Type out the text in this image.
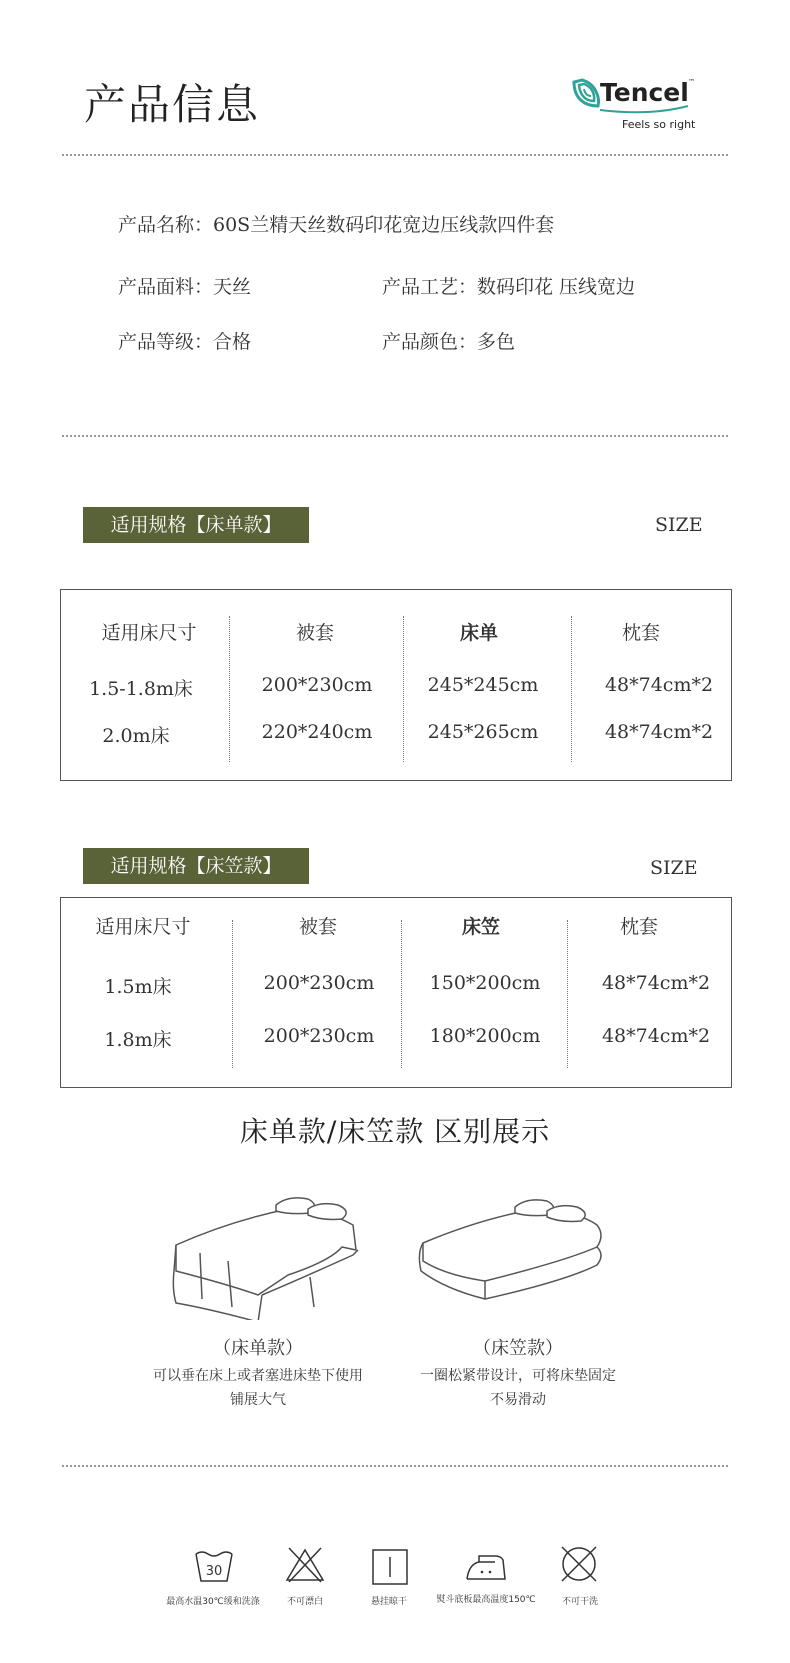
产品信息	Tencel ™
Feels so right
产品名称：60S兰精天丝数码印花宽边压线款四件套
产品面料：天丝	产品工艺：数码印花 压线宽边
产品等级：合格	产品颜色：多色
适用规格【床单款】	SIZE
适用床尺寸	被套	床单	枕套
1.5-1.8m床	200*230cm	245*245cm	48*74cm*2
2.0m床	220*240cm	245*265cm	48*74cm*2
适用规格【床笠款】	SIZE
适用床尺寸	被套	床笠	枕套
1.5m床	200*230cm	150*200cm	48*74cm*2
1.8m床	200*230cm	180*200cm	48*74cm*2
床单款/床笠款 区别展示
（床单款）
可以垂在床上或者塞进床垫下使用
铺展大气
（床笠款）
一圈松紧带设计，可将床垫固定
不易滑动
30
最高水温30℃缓和洗涤	不可漂白	悬挂晾干	熨斗底板最高温度150℃	不可干洗
